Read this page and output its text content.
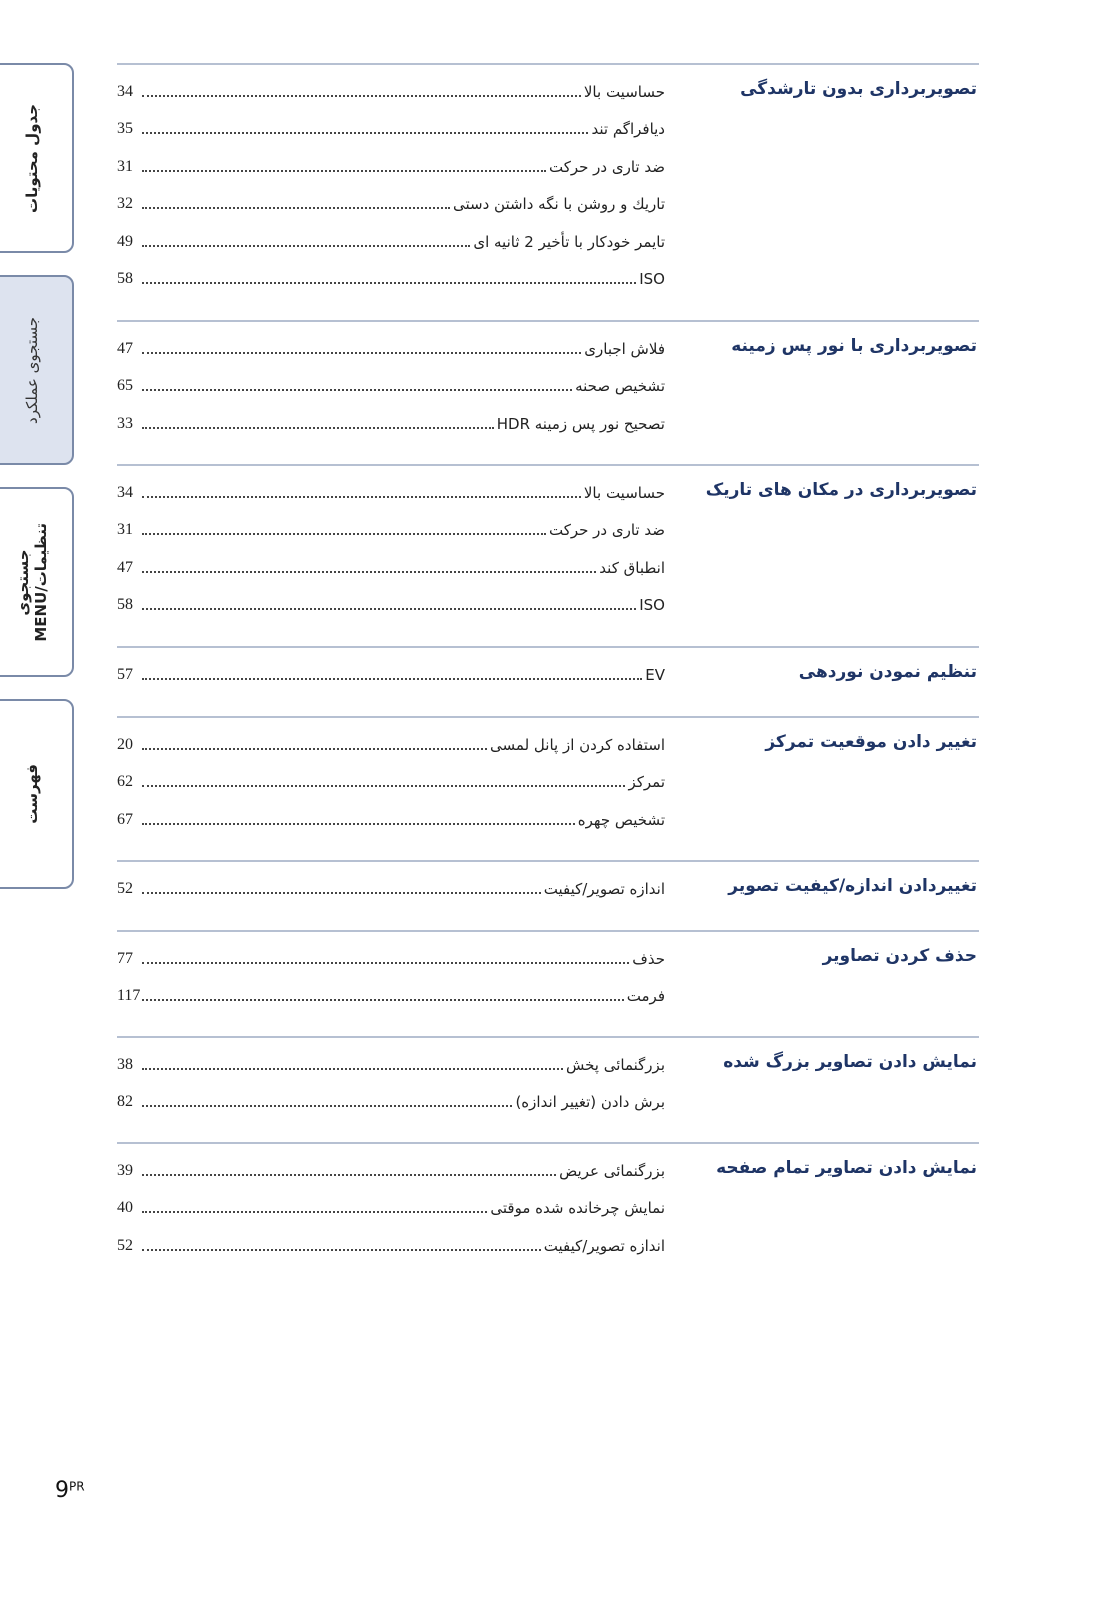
جدول محتویات
جستجوی عملکرد
جستجوی MENU/تنظیمات
فهرست
تصویربرداری بدون تارشدگی
حساسیت بالا
34
دیافراگم تند
35
ضد تاری در حرکت
31
تاریك و روشن با نگه داشتن دستی
32
تایمر خودکار با تأخیر 2 ثانیه ای
49
ISO
58
تصویربرداری با نور پس زمینه
فلاش اجباری
47
تشخیص صحنه
65
تصحیح نور پس زمینه HDR
33
تصویربرداری در مکان های تاریک
حساسیت بالا
34
ضد تاری در حرکت
31
انطباق کند
47
ISO
58
تنظیم نمودن نوردهی
EV
57
تغییر دادن موقعیت تمرکز
استفاده کردن از پانل لمسی
20
تمرکز
62
تشخیص چهره
67
تغییردادن اندازه/کیفیت تصویر
اندازه تصویر/کیفیت
52
حذف کردن تصاویر
حذف
77
فرمت
117
نمایش دادن تصاویر بزرگ شده
بزرگنمائی پخش
38
برش دادن (تغییر اندازه)
82
نمایش دادن تصاویر تمام صفحه
بزرگنمائی عریض
39
نمایش چرخانده شده موقتی
40
اندازه تصویر/کیفیت
52
$9^{PR}$
